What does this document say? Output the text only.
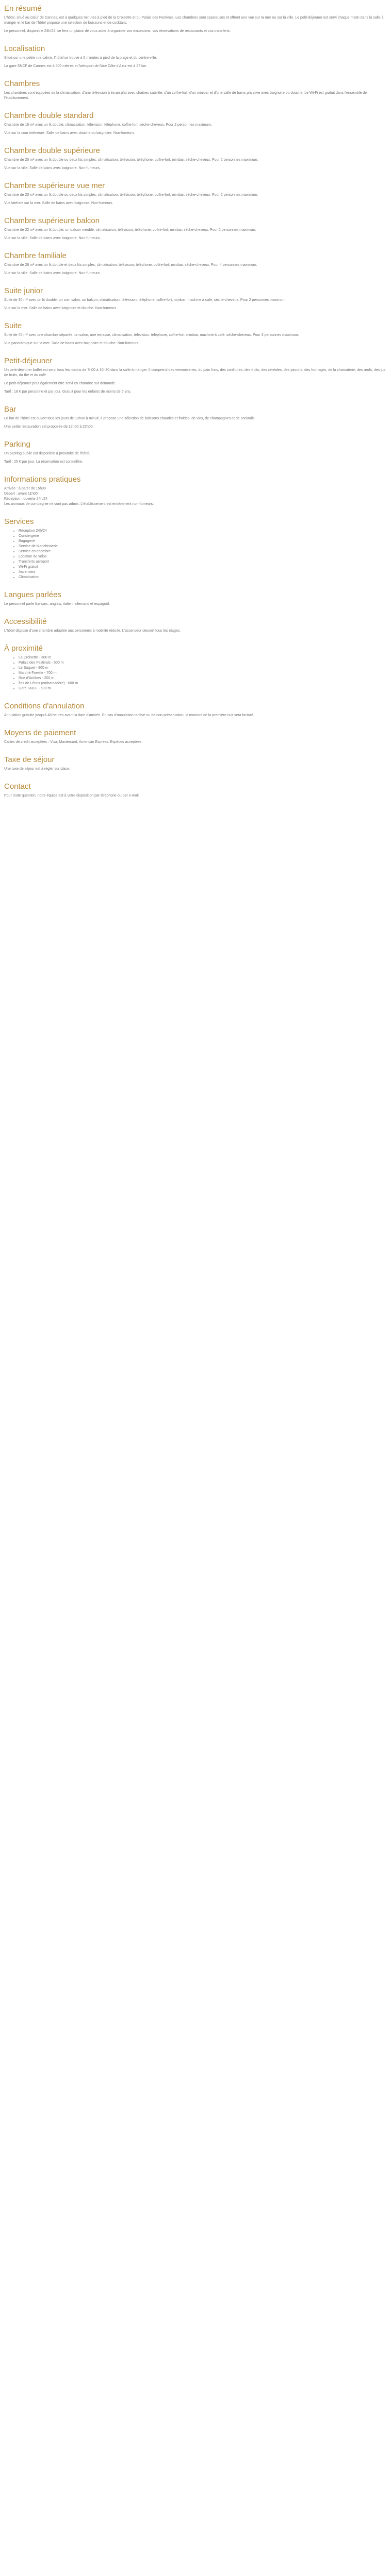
En résumé

L'hôtel, situé au cœur de Cannes, est à quelques minutes à pied de la Croisette et du Palais des Festivals. Les chambres sont spacieuses et offrent une vue sur la mer ou sur la ville. Le petit-déjeuner est servi chaque matin dans la salle à manger et le bar de l'hôtel propose une sélection de boissons et de cocktails.

Le personnel, disponible 24h/24, se fera un plaisir de vous aider à organiser vos excursions, vos réservations de restaurants et vos transferts.

Localisation

Situé sur une petite rue calme, l'hôtel se trouve à 5 minutes à pied de la plage et du centre-ville.

La gare SNCF de Cannes est à 600 mètres et l'aéroport de Nice Côte d'Azur est à 27 km.

Chambres

Les chambres sont équipées de la climatisation, d'une télévision à écran plat avec chaînes satellite, d'un coffre-fort, d'un minibar et d'une salle de bains privative avec baignoire ou douche. Le Wi-Fi est gratuit dans l'ensemble de l'établissement.

Chambre double standard

Chambre de 16 m² avec un lit double, climatisation, télévision, téléphone, coffre-fort, sèche-cheveux. Pour 2 personnes maximum.

Vue sur la cour intérieure. Salle de bains avec douche ou baignoire. Non-fumeurs.

Chambre double supérieure

Chambre de 20 m² avec un lit double ou deux lits simples, climatisation, télévision, téléphone, coffre-fort, minibar, sèche-cheveux. Pour 2 personnes maximum.

Vue sur la ville. Salle de bains avec baignoire. Non-fumeurs.

Chambre supérieure vue mer

Chambre de 20 m² avec un lit double ou deux lits simples, climatisation, télévision, téléphone, coffre-fort, minibar, sèche-cheveux. Pour 2 personnes maximum.

Vue latérale sur la mer. Salle de bains avec baignoire. Non-fumeurs.

Chambre supérieure balcon

Chambre de 22 m² avec un lit double, un balcon meublé, climatisation, télévision, téléphone, coffre-fort, minibar, sèche-cheveux. Pour 2 personnes maximum.

Vue sur la ville. Salle de bains avec baignoire. Non-fumeurs.

Chambre familiale

Chambre de 28 m² avec un lit double et deux lits simples, climatisation, télévision, téléphone, coffre-fort, minibar, sèche-cheveux. Pour 4 personnes maximum.

Vue sur la ville. Salle de bains avec baignoire. Non-fumeurs.

Suite junior

Suite de 30 m² avec un lit double, un coin salon, un balcon, climatisation, télévision, téléphone, coffre-fort, minibar, machine à café, sèche-cheveux. Pour 2 personnes maximum.

Vue sur la mer. Salle de bains avec baignoire et douche. Non-fumeurs.

Suite

Suite de 45 m² avec une chambre séparée, un salon, une terrasse, climatisation, télévision, téléphone, coffre-fort, minibar, machine à café, sèche-cheveux. Pour 3 personnes maximum.

Vue panoramique sur la mer. Salle de bains avec baignoire et douche. Non-fumeurs.

Petit-déjeuner

Un petit-déjeuner buffet est servi tous les matins de 7h00 à 10h30 dans la salle à manger. Il comprend des viennoiseries, du pain frais, des confitures, des fruits, des céréales, des yaourts, des fromages, de la charcuterie, des œufs, des jus de fruits, du thé et du café.

Le petit-déjeuner peut également être servi en chambre sur demande.

Tarif : 18 € par personne et par jour. Gratuit pour les enfants de moins de 6 ans.

Bar

Le bar de l'hôtel est ouvert tous les jours de 10h00 à minuit. Il propose une sélection de boissons chaudes et froides, de vins, de champagnes et de cocktails.

Une petite restauration est proposée de 12h00 à 22h00.

Parking

Un parking public est disponible à proximité de l'hôtel.

Tarif : 25 € par jour. La réservation est conseillée.

Informations pratiques

Arrivée : à partir de 15h00

Départ : avant 11h00

Réception : ouverte 24h/24

Les animaux de compagnie ne sont pas admis. L'établissement est entièrement non-fumeurs.

Services
• Réception 24h/24
• Conciergerie
• Bagagerie
• Service de blanchisserie
• Service en chambre
• Location de vélos
• Transferts aéroport
• Wi-Fi gratuit
• Ascenseur
• Climatisation
Langues parlées

Le personnel parle français, anglais, italien, allemand et espagnol.

Accessibilité

L'hôtel dispose d'une chambre adaptée aux personnes à mobilité réduite. L'ascenseur dessert tous les étages.

À proximité
• La Croisette - 300 m
• Palais des Festivals - 500 m
• Le Suquet - 800 m
• Marché Forville - 700 m
• Rue d'Antibes - 200 m
• Îles de Lérins (embarcadère) - 600 m
• Gare SNCF - 600 m
Conditions d'annulation

Annulation gratuite jusqu'à 48 heures avant la date d'arrivée. En cas d'annulation tardive ou de non-présentation, le montant de la première nuit sera facturé.

Moyens de paiement

Cartes de crédit acceptées : Visa, Mastercard, American Express. Espèces acceptées.

Taxe de séjour

Une taxe de séjour est à régler sur place.

Contact

Pour toute question, notre équipe est à votre disposition par téléphone ou par e-mail.
